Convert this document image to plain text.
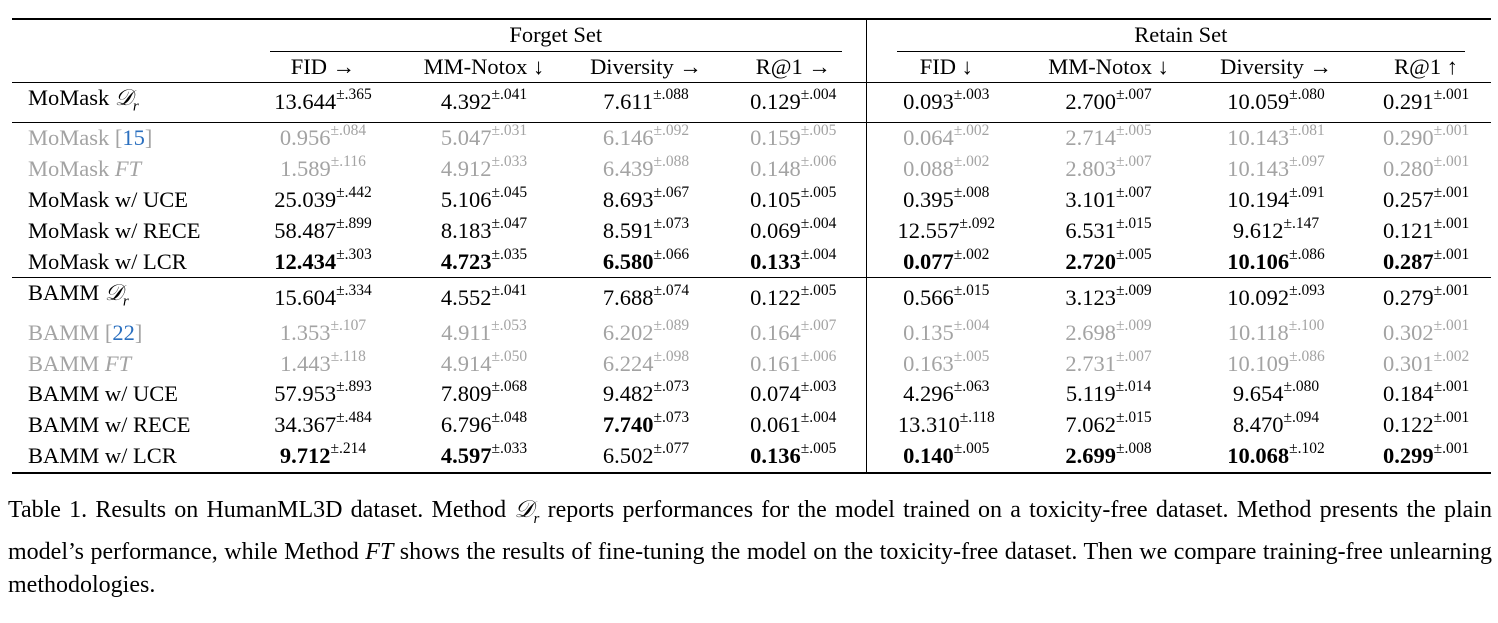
Forget Set					Retain Set			

	FID →	MM-Notox ↓	Diversity →	R@1 →	FID ↓	MM-Notox ↓	Diversity →	R@1 ↑
MoMask 𝒟$_r$	$13.644^{\pm.365}$	$4.392^{\pm.041}$	$7.611^{\pm.088}$	$0.129^{\pm.004}$	$0.093^{\pm.003}$	$2.700^{\pm.007}$	$10.059^{\pm.080}$	$0.291^{\pm.001}$
MoMask [15]	$0.956^{\pm.084}$	$5.047^{\pm.031}$	$6.146^{\pm.092}$	$0.159^{\pm.005}$	$0.064^{\pm.002}$	$2.714^{\pm.005}$	$10.143^{\pm.081}$	$0.290^{\pm.001}$
MoMask FT	$1.589^{\pm.116}$	$4.912^{\pm.033}$	$6.439^{\pm.088}$	$0.148^{\pm.006}$	$0.088^{\pm.002}$	$2.803^{\pm.007}$	$10.143^{\pm.097}$	$0.280^{\pm.001}$
MoMask w/ UCE	$25.039^{\pm.442}$	$5.106^{\pm.045}$	$8.693^{\pm.067}$	$0.105^{\pm.005}$	$0.395^{\pm.008}$	$3.101^{\pm.007}$	$10.194^{\pm.091}$	$0.257^{\pm.001}$
MoMask w/ RECE	$58.487^{\pm.899}$	$8.183^{\pm.047}$	$8.591^{\pm.073}$	$0.069^{\pm.004}$	$12.557^{\pm.092}$	$6.531^{\pm.015}$	$9.612^{\pm.147}$	$0.121^{\pm.001}$
MoMask w/ LCR	$12.434^{\pm.303}$	$4.723^{\pm.035}$	$6.580^{\pm.066}$	$0.133^{\pm.004}$	$0.077^{\pm.002}$	$2.720^{\pm.005}$	$10.106^{\pm.086}$	$0.287^{\pm.001}$
BAMM 𝒟$_r$	$15.604^{\pm.334}$	$4.552^{\pm.041}$	$7.688^{\pm.074}$	$0.122^{\pm.005}$	$0.566^{\pm.015}$	$3.123^{\pm.009}$	$10.092^{\pm.093}$	$0.279^{\pm.001}$
BAMM [22]	$1.353^{\pm.107}$	$4.911^{\pm.053}$	$6.202^{\pm.089}$	$0.164^{\pm.007}$	$0.135^{\pm.004}$	$2.698^{\pm.009}$	$10.118^{\pm.100}$	$0.302^{\pm.001}$
BAMM FT	$1.443^{\pm.118}$	$4.914^{\pm.050}$	$6.224^{\pm.098}$	$0.161^{\pm.006}$	$0.163^{\pm.005}$	$2.731^{\pm.007}$	$10.109^{\pm.086}$	$0.301^{\pm.002}$
BAMM w/ UCE	$57.953^{\pm.893}$	$7.809^{\pm.068}$	$9.482^{\pm.073}$	$0.074^{\pm.003}$	$4.296^{\pm.063}$	$5.119^{\pm.014}$	$9.654^{\pm.080}$	$0.184^{\pm.001}$
BAMM w/ RECE	$34.367^{\pm.484}$	$6.796^{\pm.048}$	$7.740^{\pm.073}$	$0.061^{\pm.004}$	$13.310^{\pm.118}$	$7.062^{\pm.015}$	$8.470^{\pm.094}$	$0.122^{\pm.001}$
BAMM w/ LCR	$9.712^{\pm.214}$	$4.597^{\pm.033}$	$6.502^{\pm.077}$	$0.136^{\pm.005}$	$0.140^{\pm.005}$	$2.699^{\pm.008}$	$10.068^{\pm.102}$	$0.299^{\pm.001}$
Table 1. Results on HumanML3D dataset. Method 𝒟$_r$ reports performances for the model trained on a toxicity-free dataset. Method presents the plain model’s performance, while Method FT shows the results of fine-tuning the model on the toxicity-free dataset. Then we compare training-free unlearning methodologies.
